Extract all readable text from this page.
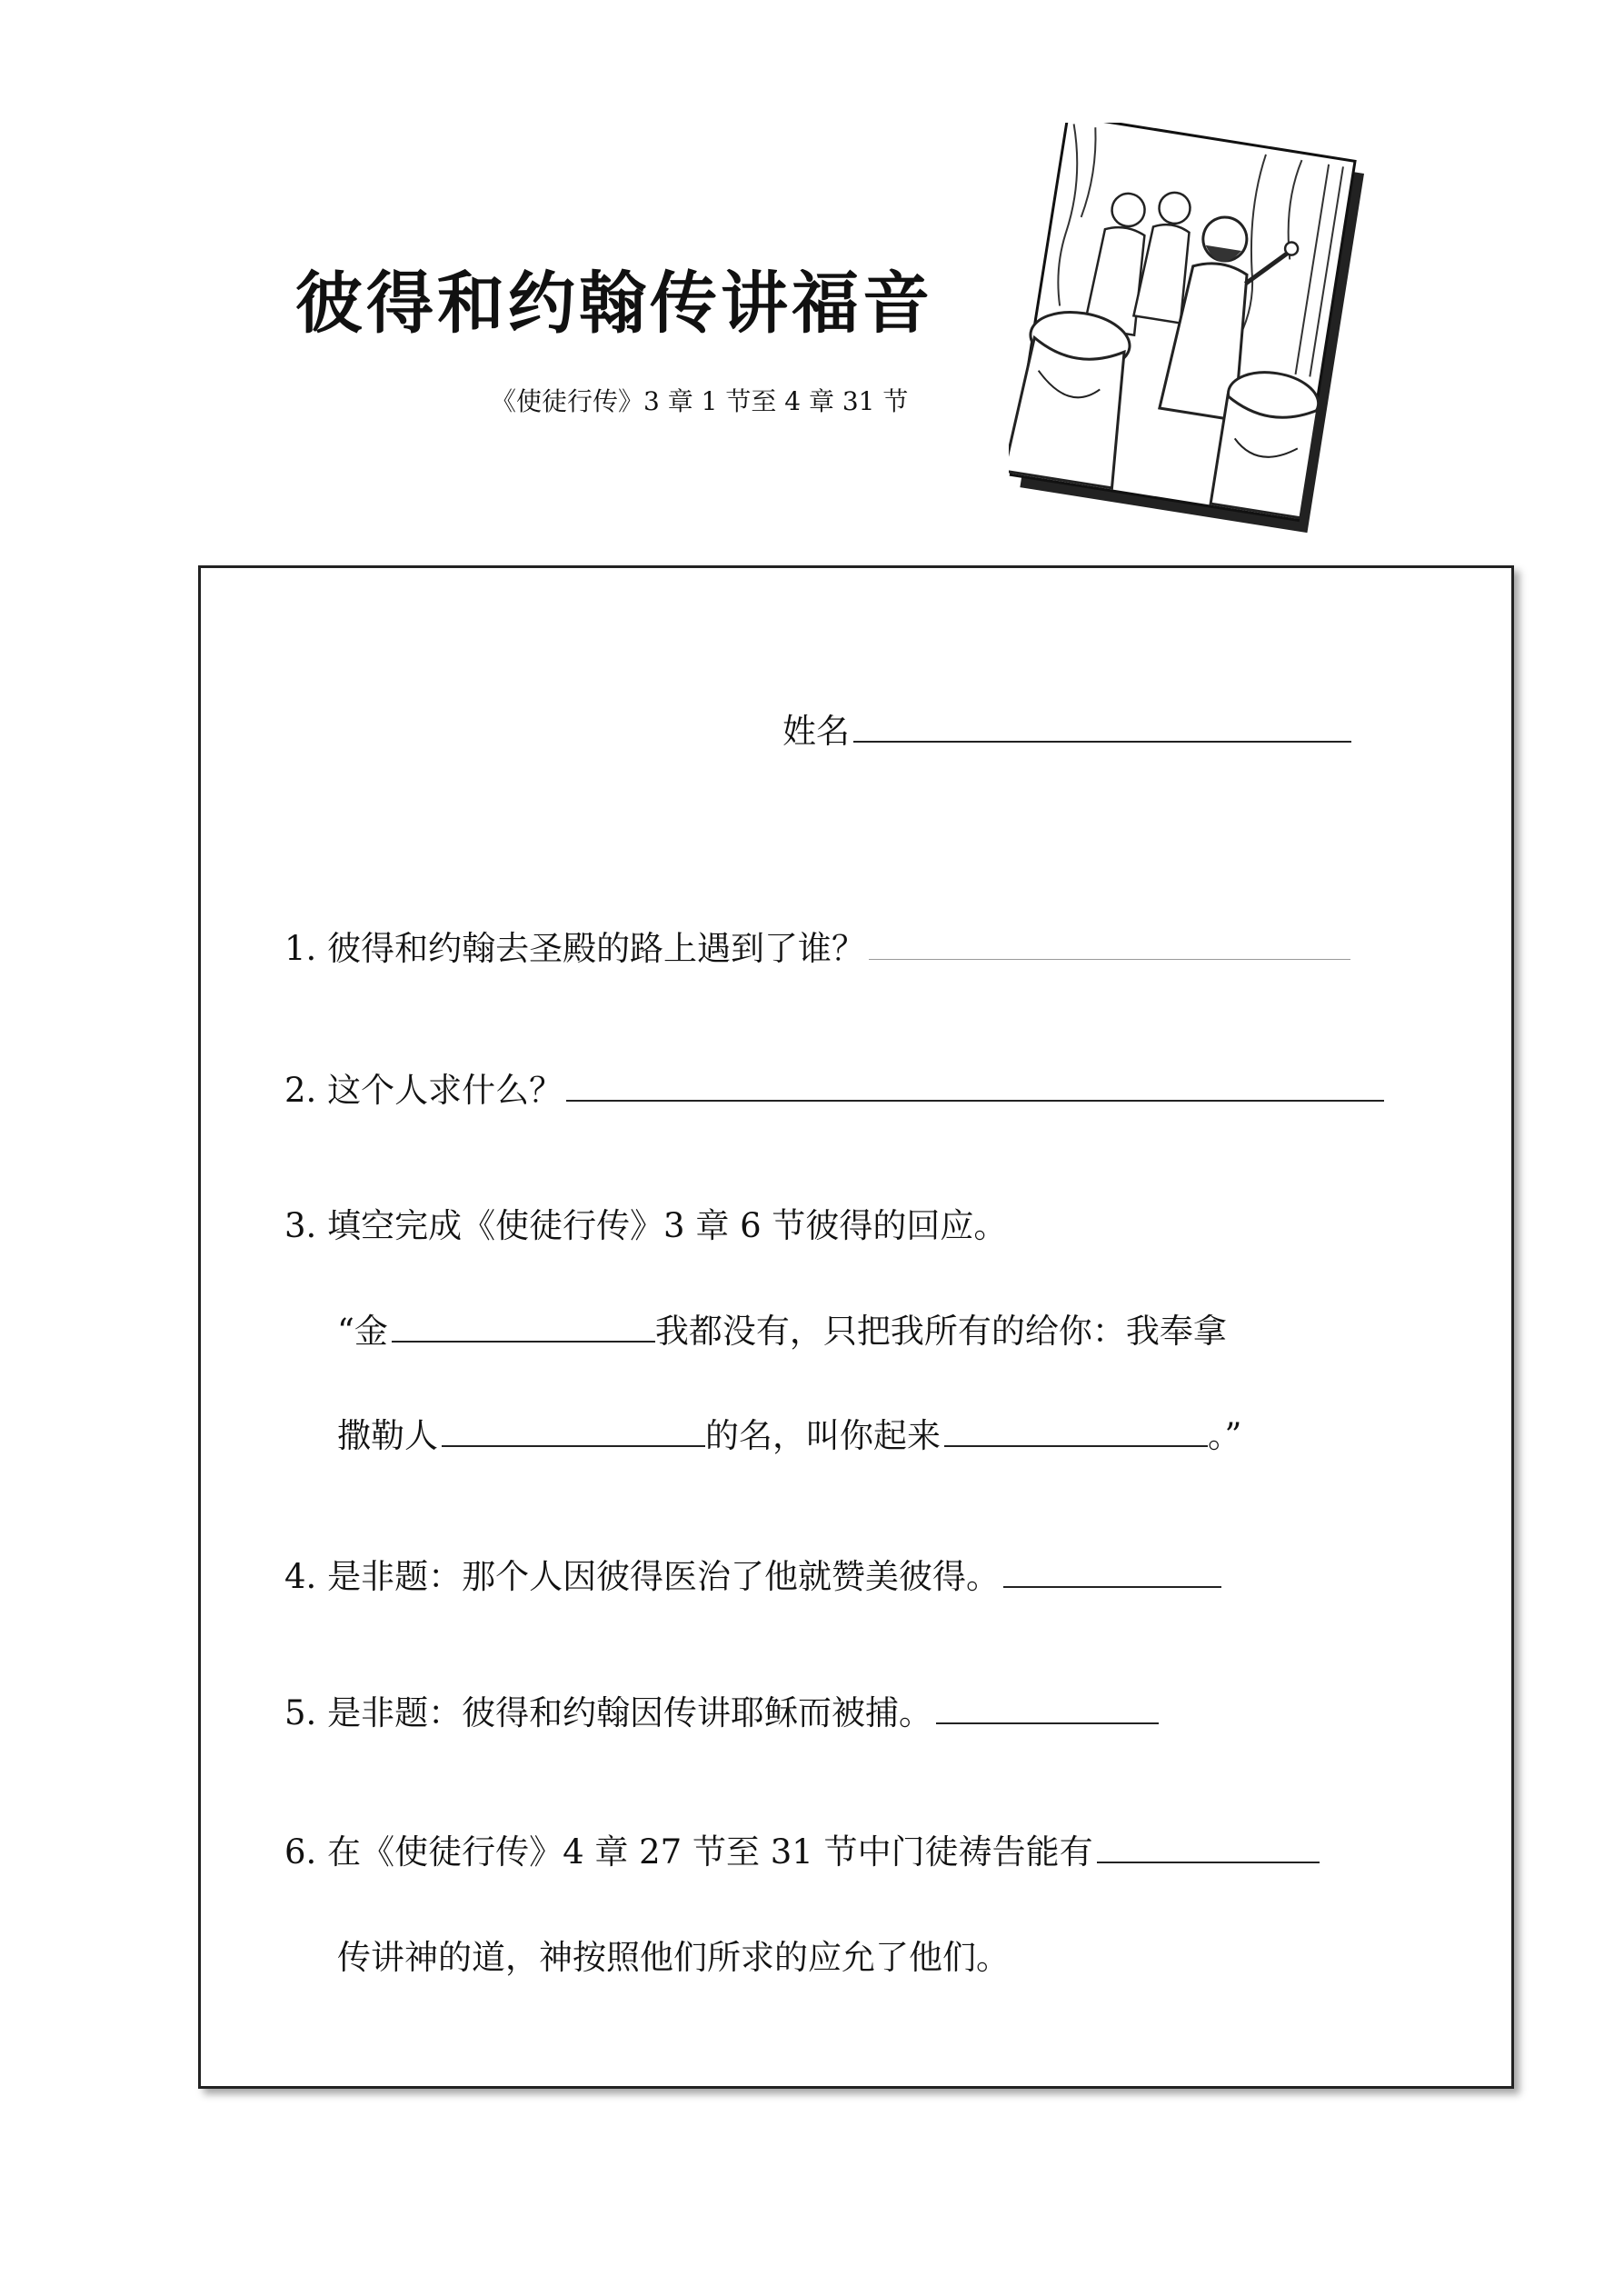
彼得和约翰传讲福音
《使徒行传》3 章 1 节至 4 章 31 节
姓名
1. 彼得和约翰去圣殿的路上遇到了谁？
2. 这个人求什么？
3. 填空完成《使徒行传》3 章 6 节彼得的回应。
“金	我都没有，只把我所有的给你：我奉拿
撒勒人	的名，叫你起来	。”
4. 是非题：那个人因彼得医治了他就赞美彼得。
5. 是非题：彼得和约翰因传讲耶稣而被捕。
6. 在《使徒行传》4 章 27 节至 31 节中门徒祷告能有
传讲神的道，神按照他们所求的应允了他们。
